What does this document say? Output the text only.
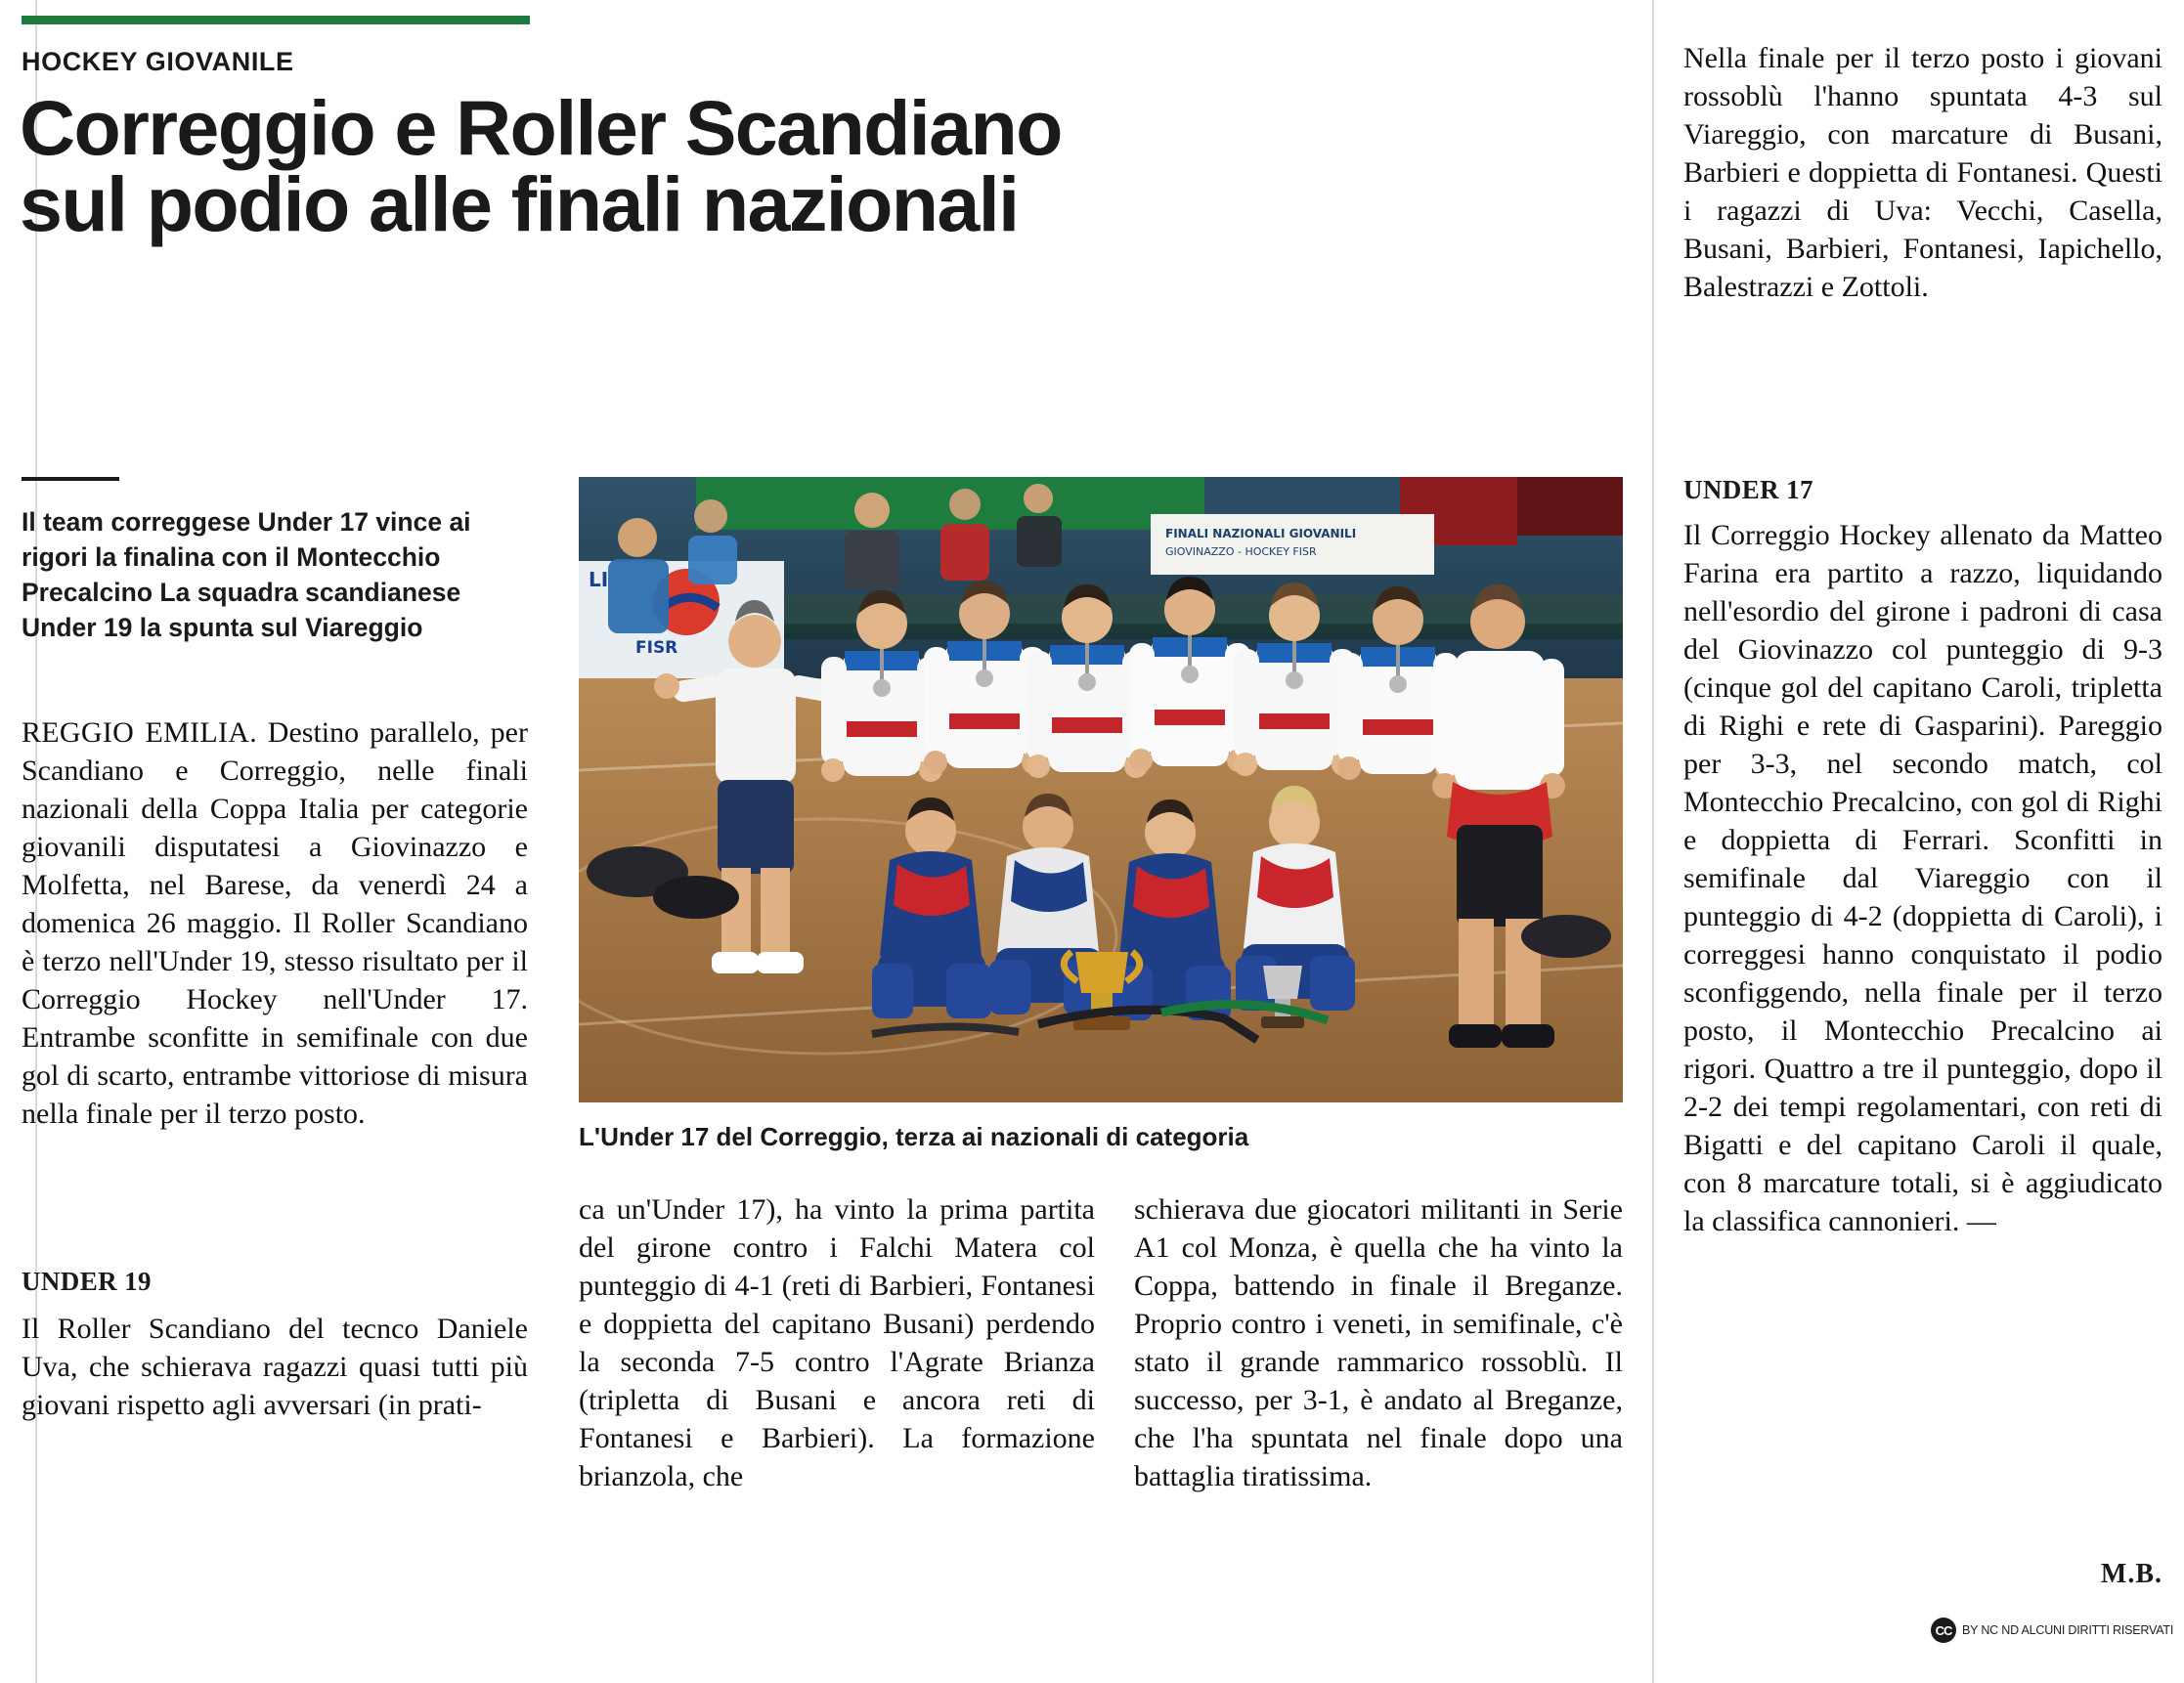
HOCKEY GIOVANILE
Correggio e Roller Scandiano
sul podio alle finali nazionali
Il team correggese Under 17 vince ai rigori la finalina con il Montecchio Precalcino La squadra scandianese Under 19 la spunta sul Viareggio

REGGIO EMILIA. Destino parallelo, per Scandiano e Correggio, nelle finali nazionali della Coppa Italia per categorie giovanili disputatesi a Giovinazzo e Molfetta, nel Barese, da venerdì 24 a domenica 26 maggio. Il Roller Scandiano è terzo nell'Under 19, stesso risultato per il Correggio Hockey nell'Under 17. Entrambe sconfitte in semifinale con due gol di scarto, entrambe vittoriose di misura nella finale per il terzo posto.

UNDER 19
Il Roller Scandiano del tecnco Daniele Uva, che schierava ragazzi quasi tutti più giovani rispetto agli avversari (in prati-
FINALI NAZIONALI GIOVANILI
GIOVINAZZO - HOCKEY FISR
FISR
LI
L'Under 17 del Correggio, terza ai nazionali di categoria
ca un'Under 17), ha vinto la prima partita del girone contro i Falchi Matera col punteggio di 4-1 (reti di Barbieri, Fontanesi e doppietta del capitano Busani) perdendo la seconda 7-5 contro l'Agrate Brianza (tripletta di Busani e ancora reti di Fontanesi e Barbieri). La formazione brianzola, che
schierava due giocatori militanti in Serie A1 col Monza, è quella che ha vinto la Coppa, battendo in finale il Breganze. Proprio contro i veneti, in semifinale, c'è stato il grande rammarico rossoblù. Il successo, per 3-1, è andato al Breganze, che l'ha spuntata nel finale dopo una battaglia tiratissima.
Nella finale per il terzo posto i giovani rossoblù l'hanno spuntata 4-3 sul Viareggio, con marcature di Busani, Barbieri e doppietta di Fontanesi. Questi i ragazzi di Uva: Vecchi, Casella, Busani, Barbieri, Fontanesi, Iapichello, Balestrazzi e Zottoli.
UNDER 17
Il Correggio Hockey allenato da Matteo Farina era partito a razzo, liquidando nell'esordio del girone i padroni di casa del Giovinazzo col punteggio di 9-3 (cinque gol del capitano Caroli, tripletta di Righi e rete di Gasparini). Pareggio per 3-3, nel secondo match, col Montecchio Precalcino, con gol di Righi e doppietta di Ferrari. Sconfitti in semifinale dal Viareggio con il punteggio di 4-2 (doppietta di Caroli), i correggesi hanno conquistato il podio sconfiggendo, nella finale per il terzo posto, il Montecchio Precalcino ai rigori. Quattro a tre il punteggio, dopo il 2-2 dei tempi regolamentari, con reti di Bigatti e del capitano Caroli il quale, con 8 marcature totali, si è aggiudicato la classifica cannonieri. —
M.B.
CC BY NC ND ALCUNI DIRITTI RISERVATI
